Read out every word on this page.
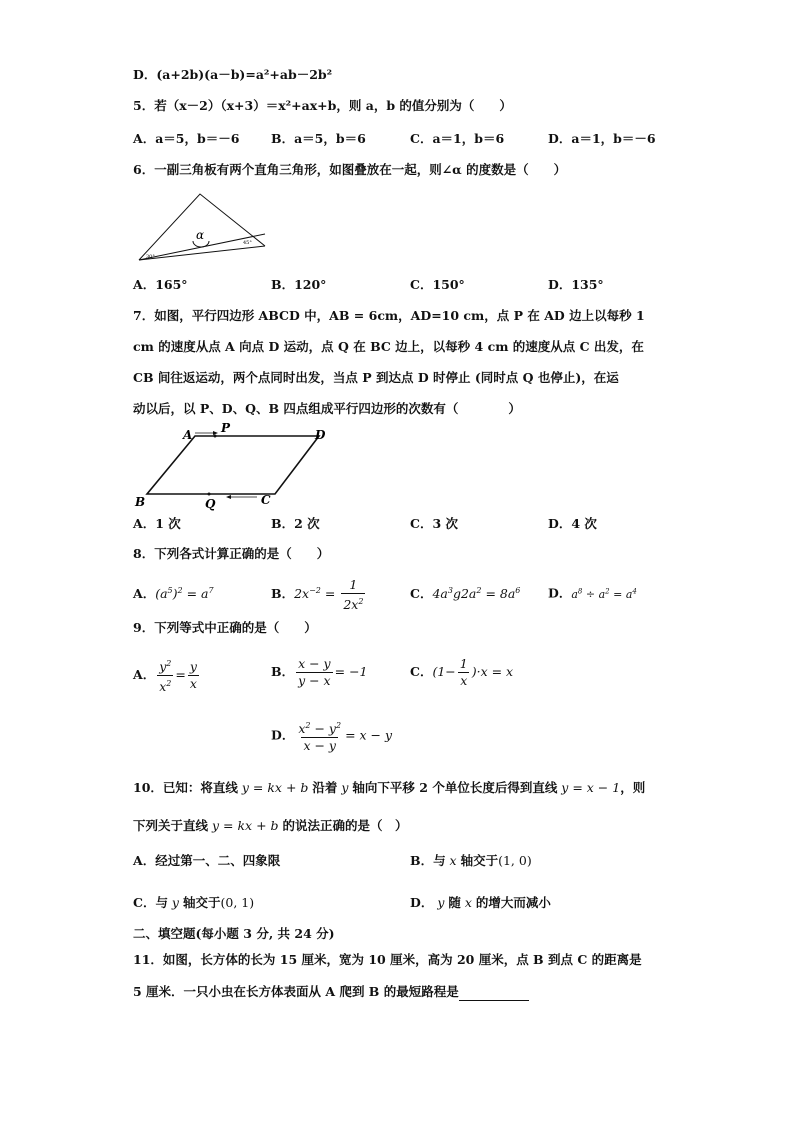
D．(a+2b)(a－b)=a²+ab－2b²
5．若（x－2）（x+3）＝x²+ax+b，则 a，b 的值分别为（　　）
A．a＝5，b＝－6	B．a＝5，b＝6	C．a＝1，b＝6	D．a＝1，b＝－6
6．一副三角板有两个直角三角形，如图叠放在一起，则∠α 的度数是（　　）
α
30°
45°
A．165°	B．120°	C．150°	D．135°
7．如图，平行四边形 ABCD 中，AB = 6cm，AD=10 cm，点 P 在 AD 边上以每秒 1
cm 的速度从点 A 向点 D 运动，点 Q 在 BC 边上，以每秒 4 cm 的速度从点 C 出发，在
CB 间往返运动，两个点同时出发，当点 P 到达点 D 时停止 (同时点 Q 也停止)，在运
动以后，以 P、D、Q、B 四点组成平行四边形的次数有（　　　　）
A P	D
B	Q	C
A．1 次	B．2 次	C．3 次	D．4 次
8．下列各式计算正确的是（　　）
A．$(a^5)^2 = a^7$	B．$2x^{-2} = \frac{1}{2x^2}$	C．$4a^3g2a^2 = 8a^6$ D．$a^8 \div a^2 = a^4$
9．下列等式中正确的是（　　）
A． $\frac{y^2}{x^2} = \frac{y}{x}$	B． $\frac{x - y}{y - x} = -1$	C．$(1- \frac{1}{x} )\cdot x = x$
D． $\frac{x^2 - y^2}{x - y} = x - y$
10．已知：将直线 y = kx + b 沿着 y 轴向下平移 2 个单位长度后得到直线 y = x − 1，则
下列关于直线 y = kx + b 的说法正确的是（　）
A．经过第一、二、四象限	B．与 x 轴交于(1, 0)
C．与 y 轴交于(0, 1)	D． y 随 x 的增大而减小
二、填空题(每小题 3 分, 共 24 分)
11．如图，长方体的长为 15 厘米，宽为 10 厘米，高为 20 厘米，点 B 到点 C 的距离是
5 厘米．一只小虫在长方体表面从 A 爬到 B 的最短路程是
